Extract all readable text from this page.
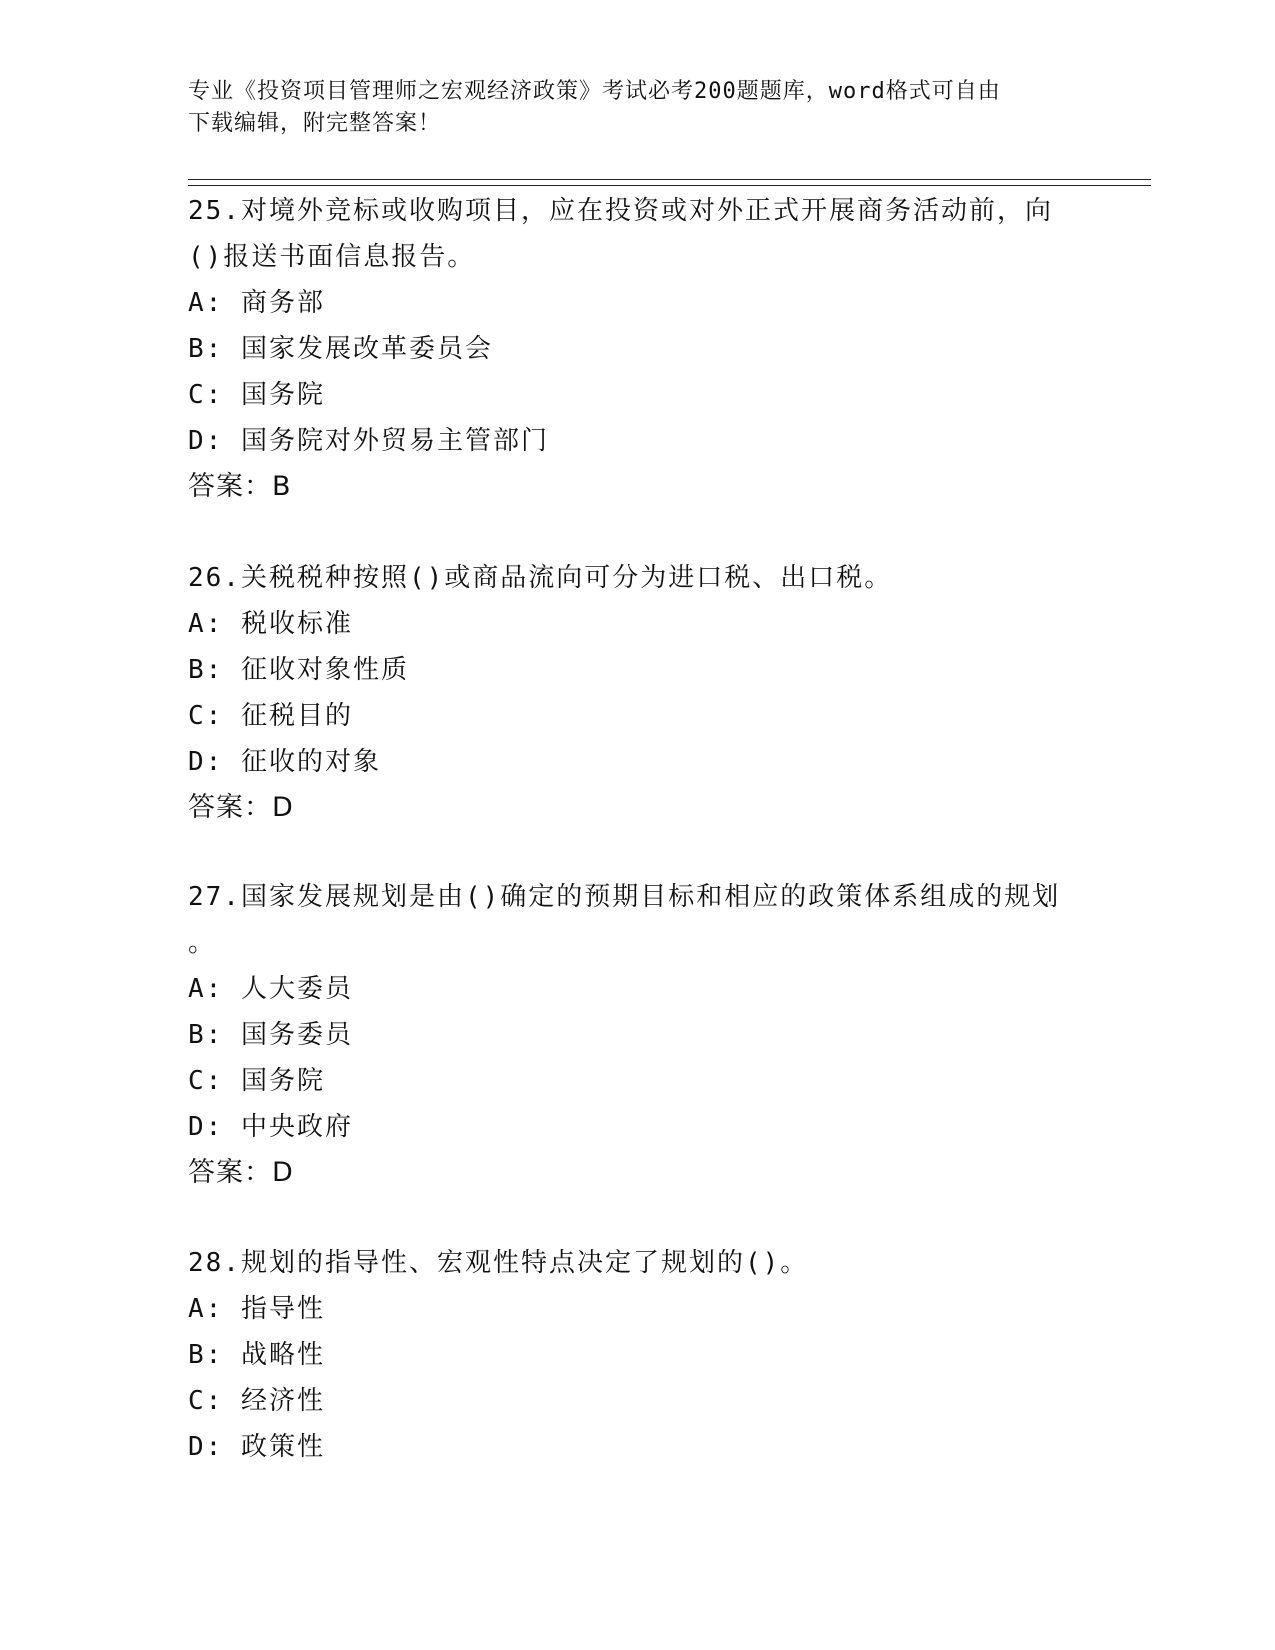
专业《投资项目管理师之宏观经济政策》考试必考200题题库，word格式可自由
下载编辑，附完整答案！

25.对境外竞标或收购项目，应在投资或对外正式开展商务活动前，向

()报送书面信息报告。

A: 商务部

B: 国家发展改革委员会

C: 国务院

D: 国务院对外贸易主管部门

答案：B

26.关税税种按照()或商品流向可分为进口税、出口税。

A: 税收标准

B: 征收对象性质

C: 征税目的

D: 征收的对象

答案：D

27.国家发展规划是由()确定的预期目标和相应的政策体系组成的规划

。

A: 人大委员

B: 国务委员

C: 国务院

D: 中央政府

答案：D

28.规划的指导性、宏观性特点决定了规划的()。

A: 指导性

B: 战略性

C: 经济性

D: 政策性
